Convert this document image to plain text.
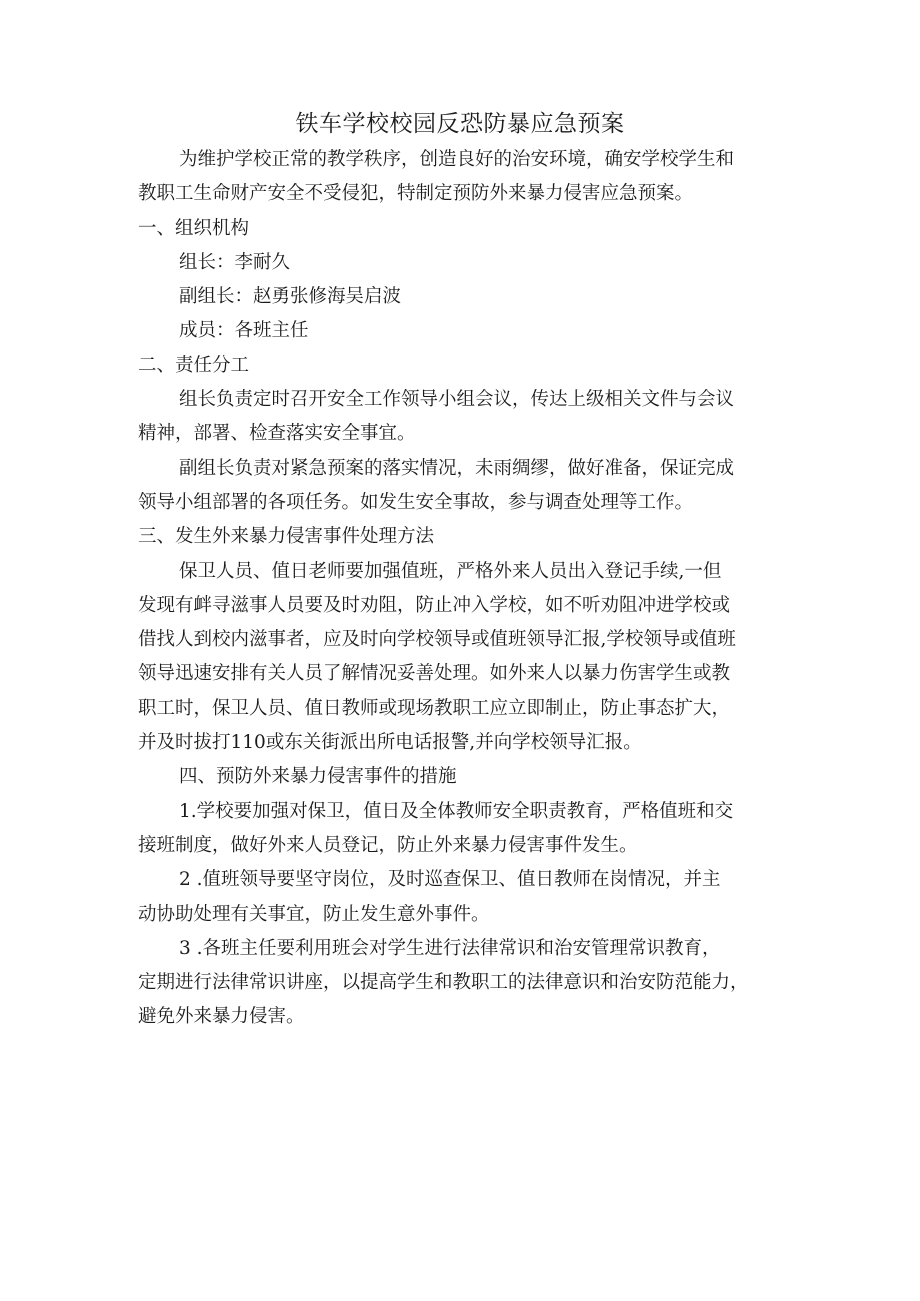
铁车学校校园反恐防暴应急预案

为维护学校正常的教学秩序，创造良好的治安环境，确安学校学生和

教职工生命财产安全不受侵犯，特制定预防外来暴力侵害应急预案。

一、组织机构

组长：李耐久

副组长：赵勇张修海吴启波

成员：各班主任

二、责任分工

组长负责定时召开安全工作领导小组会议，传达上级相关文件与会议

精神，部署、检查落实安全事宜。

副组长负责对紧急预案的落实情况，未雨绸缪，做好准备，保证完成

领导小组部署的各项任务。如发生安全事故，参与调查处理等工作。

三、发生外来暴力侵害事件处理方法

保卫人员、值日老师要加强值班，严格外来人员出入登记手续,一但

发现有衅寻滋事人员要及时劝阻，防止冲入学校，如不听劝阻冲进学校或

借找人到校内滋事者，应及时向学校领导或值班领导汇报,学校领导或值班

领导迅速安排有关人员了解情况妥善处理。如外来人以暴力伤害学生或教

职工时，保卫人员、值日教师或现场教职工应立即制止，防止事态扩大，

并及时拔打110或东关街派出所电话报警,并向学校领导汇报。

四、预防外来暴力侵害事件的措施

1.学校要加强对保卫，值日及全体教师安全职责教育，严格值班和交

接班制度，做好外来人员登记，防止外来暴力侵害事件发生。

2 .值班领导要坚守岗位，及时巡查保卫、值日教师在岗情况，并主

动协助处理有关事宜，防止发生意外事件。

3 .各班主任要利用班会对学生进行法律常识和治安管理常识教育，

定期进行法律常识讲座，以提高学生和教职工的法律意识和治安防范能力，

避免外来暴力侵害。
